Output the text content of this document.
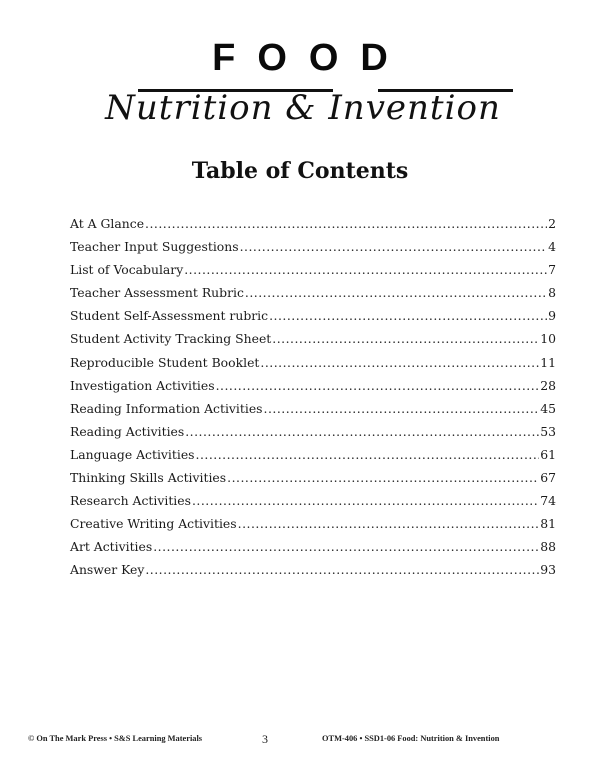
FOOD
Nutrition & Invention
Table of Contents
At A Glance .....	2
Teacher Input Suggestions .....	4
List of Vocabulary .....	7
Teacher Assessment Rubric .....	8
Student Self-Assessment rubric .....	9
Student Activity Tracking Sheet .....	10
Reproducible Student Booklet .....	11
Investigation Activities .....	28
Reading Information Activities .....	45
Reading Activities .....	53
Language Activities .....	61
Thinking Skills Activities .....	67
Research Activities .....	74
Creative Writing Activities .....	81
Art Activities .....	88
Answer Key .....	93
© On The Mark Press • S&S Learning Materials	3	OTM-406 • SSD1-06 Food: Nutrition & Invention
